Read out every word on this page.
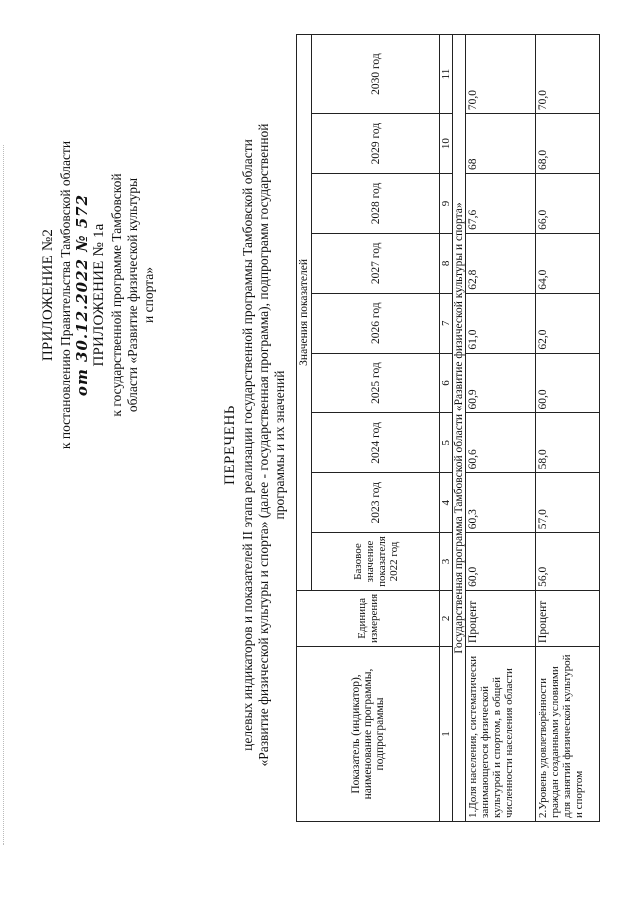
ПРИЛОЖЕНИЕ №2 к постановлению Правительства Тамбовской области от 30.12.2022 № 572 ПРИЛОЖЕНИЕ № 1а к государственной программе Тамбовской области «Развитие физической культуры и спорта»
ПЕРЕЧЕНЬ целевых индикаторов и показателей II этапа реализации государственной программы Тамбовской области «Развитие физической культуры и спорта» (далее - государственная программа), подпрограмм государственной программы и их значений
Показатель (индикатор), наименование программы, подпрограммы	Единица измерения	Значения показателей								
		Базовое значение показателя 2022 год	2023 год	2024 год	2025 год	2026 год	2027 год	2028 год	2029 год	2030 год
1	2	3	4	5	6	7	8	9	10	11
Государственная программа Тамбовской области «Развитие физической культуры и спорта»										
1.Доля населения, систематически занимающегося физической культурой и спортом, в общей численности населения области	Процент	60,0	60,3	60,6	60,9	61,0	62,8	67,6	68	70,0
2.Уровень удовлетворённости граждан созданными условиями для занятий физической культурой и спортом	Процент	56,0	57,0	58,0	60,0	62,0	64,0	66,0	68,0	70,0
